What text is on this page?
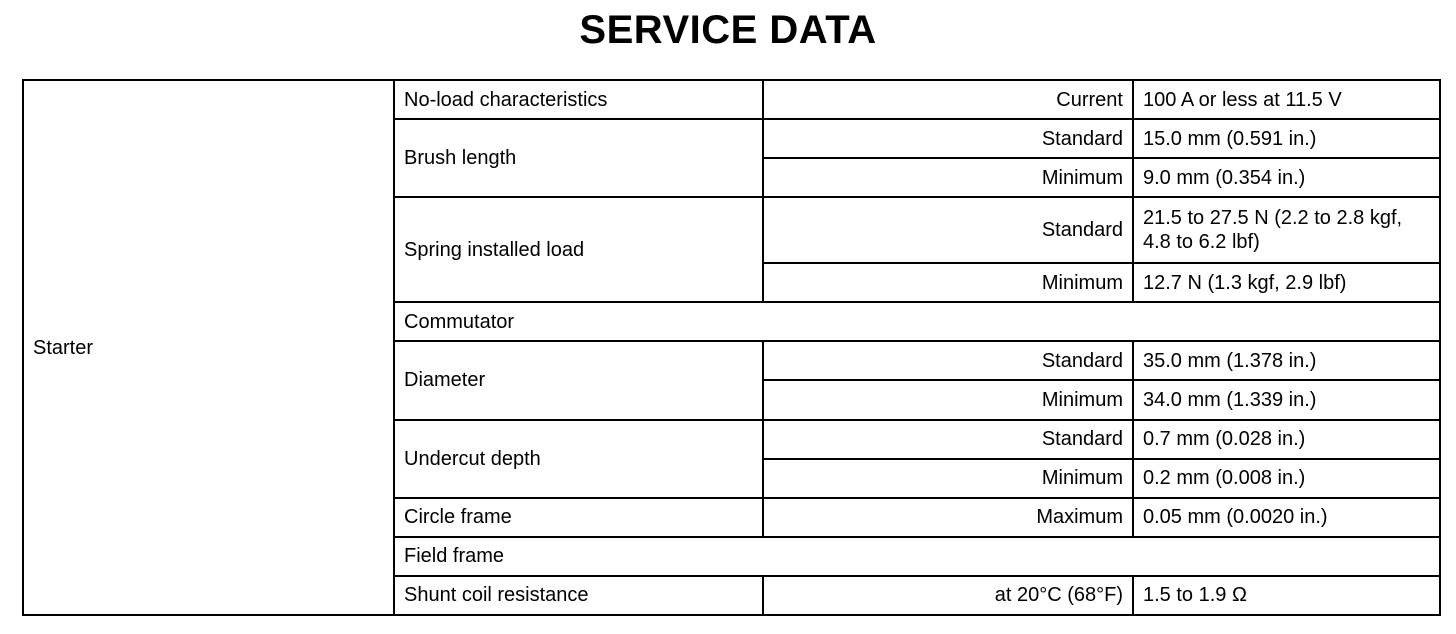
SERVICE DATA
Starter	No-load characteristics	Current	100 A or less at 11.5 V
	Brush length	Standard	15.0 mm (0.591 in.)
		Minimum	9.0 mm (0.354 in.)
	Spring installed load	Standard	21.5 to 27.5 N (2.2 to 2.8 kgf,
4.8 to 6.2 lbf)
		Minimum	12.7 N (1.3 kgf, 2.9 lbf)
	Commutator		
	Diameter	Standard	35.0 mm (1.378 in.)
		Minimum	34.0 mm (1.339 in.)
	Undercut depth	Standard	0.7 mm (0.028 in.)
		Minimum	0.2 mm (0.008 in.)
	Circle frame	Maximum	0.05 mm (0.0020 in.)
	Field frame		
	Shunt coil resistance	at 20°C (68°F)	1.5 to 1.9 Ω
